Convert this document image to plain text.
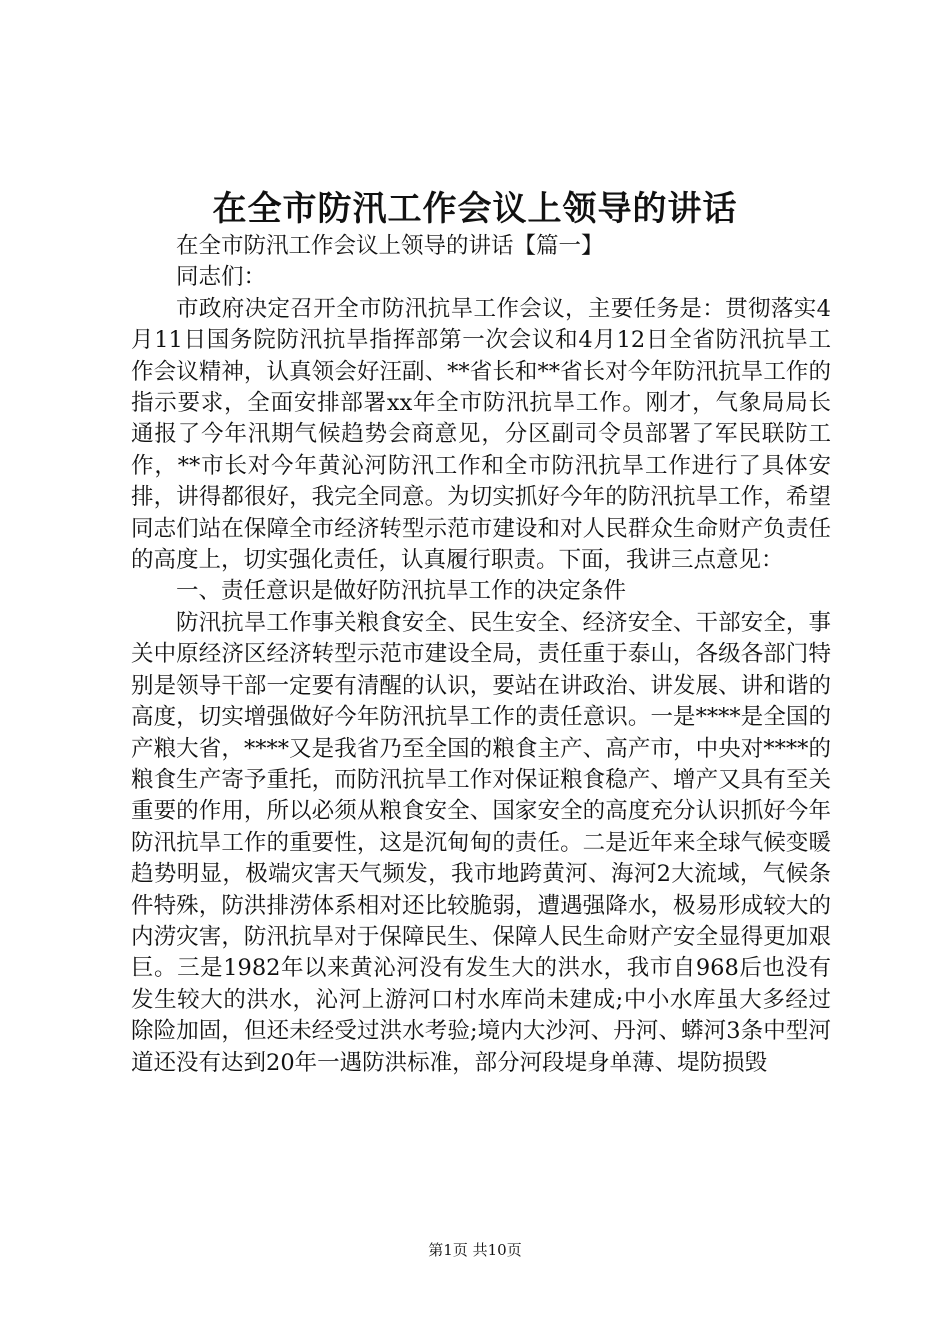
在全市防汛工作会议上领导的讲话

在全市防汛工作会议上领导的讲话【篇一】

同志们：

市政府决定召开全市防汛抗旱工作会议，主要任务是：贯彻落实4月11日国务院防汛抗旱指挥部第一次会议和4月12日全省防汛抗旱工作会议精神，认真领会好汪副、**省长和**省长对今年防汛抗旱工作的指示要求，全面安排部署xx年全市防汛抗旱工作。刚才，气象局局长通报了今年汛期气候趋势会商意见，分区副司令员部署了军民联防工作，**市长对今年黄沁河防汛工作和全市防汛抗旱工作进行了具体安排，讲得都很好，我完全同意。为切实抓好今年的防汛抗旱工作，希望同志们站在保障全市经济转型示范市建设和对人民群众生命财产负责任的高度上，切实强化责任，认真履行职责。下面，我讲三点意见：

一、责任意识是做好防汛抗旱工作的决定条件

防汛抗旱工作事关粮食安全、民生安全、经济安全、干部安全，事关中原经济区经济转型示范市建设全局，责任重于泰山，各级各部门特别是领导干部一定要有清醒的认识，要站在讲政治、讲发展、讲和谐的高度，切实增强做好今年防汛抗旱工作的责任意识。一是****是全国的产粮大省，****又是我省乃至全国的粮食主产、高产市，中央对****的粮食生产寄予重托，而防汛抗旱工作对保证粮食稳产、增产又具有至关重要的作用，所以必须从粮食安全、国家安全的高度充分认识抓好今年防汛抗旱工作的重要性，这是沉甸甸的责任。二是近年来全球气候变暖趋势明显，极端灾害天气频发，我市地跨黄河、海河2大流域，气候条件特殊，防洪排涝体系相对还比较脆弱，遭遇强降水，极易形成较大的内涝灾害，防汛抗旱对于保障民生、保障人民生命财产安全显得更加艰巨。三是1982年以来黄沁河没有发生大的洪水，我市自968后也没有发生较大的洪水，沁河上游河口村水库尚未建成;中小水库虽大多经过除险加固，但还未经受过洪水考验;境内大沙河、丹河、蟒河3条中型河道还没有达到20年一遇防洪标准，部分河段堤身单薄、堤防损毁

第1页 共10页
